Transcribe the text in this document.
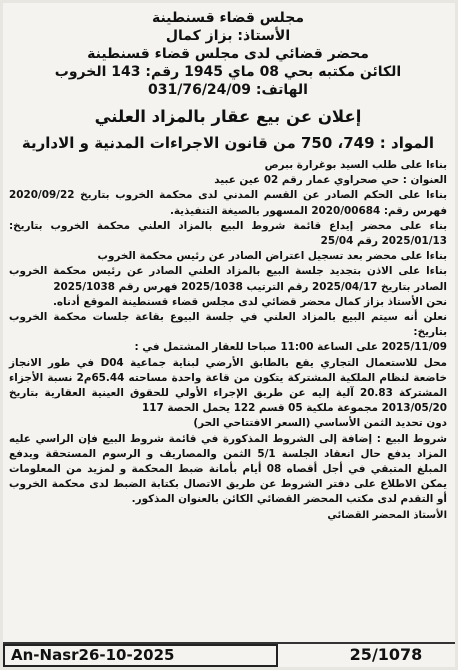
مجلس قضاء قسنطينة
الأستاذ: بزاز كمال
محضر قضائي لدى مجلس قضاء قسنطينة
الكائن مكتبه بحي 08 ماي 1945 رقم: 143 الخروب
الهاتف: 031/76/24/09
إعلان عن بيع عقار بالمزاد العلني
المواد : 749، 750 من قانون الاجراءات المدنية و الادارية

بناءا على طلب السيد بوغرارة ببرص

العنوان : حي صحراوي عمار رقم 02 عين عبيد

بناءا على الحكم الصادر عن القسم المدني لدى محكمة الخروب بتاريخ 2020/09/22 فهرس رقم: 2020/00684 المسهور بالصيغة التنفيذية.

بناء على محضر إيداع قائمة شروط البيع بالمزاد العلني محكمة الخروب بتاريخ: 2025/01/13 رقم 25/04

بناءا على محضر بعد تسجيل اعتراض الصادر عن رئيس محكمة الخروب

بناءا على الاذن بتجديد جلسة البيع بالمزاد العلني الصادر عن رئيس محكمة الخروب الصادر بتاريخ 2025/04/17 رقم الترتيب 2025/1038 فهرس رقم 2025/1038

نحن الأستاذ بزاز كمال محضر قضائي لدى مجلس قضاء قسنطينة الموقع أدناه.

نعلن أنه سيتم البيع بالمزاد العلني في جلسة البيوع بقاعة جلسات محكمة الخروب بتاريخ:

2025/11/09 على الساعة 11:00 صباحا للعقار المشتمل في :

محل للاستعمال التجاري يقع بالطابق الأرضي لبناية جماعية D04 في طور الانجاز خاضعة لنظام الملكية المشتركة يتكون من قاعة واحدة مساحته 65.44م2 نسبة الأجزاء المشتركة 20.83 آلية إليه عن طريق الإجراء الأولي للحقوق العينية العقارية بتاريخ 2013/05/20 مجموعة ملكية 05 قسم 122 يحمل الحصة 117

دون تحديد الثمن الأساسي (السعر الافتتاحي الحر)

شروط البيع : إضافة إلى الشروط المذكورة في قائمة شروط البيع فإن الراسي عليه المزاد يدفع حال انعقاد الجلسة 5/1 الثمن والمصاريف و الرسوم المستحقة ويدفع المبلغ المتبقي في أجل أقصاه 08 أيام بأمانة ضبط المحكمة و لمزيد من المعلومات يمكن الاطلاع على دفتر الشروط عن طريق الاتصال بكتابة الضبط لدى محكمة الخروب أو التقدم لدى مكتب المحضر القضائي الكائن بالعنوان المذكور.

الأستاذ المحضر القضائي
An-Nasr26-10-2025	25/1078
